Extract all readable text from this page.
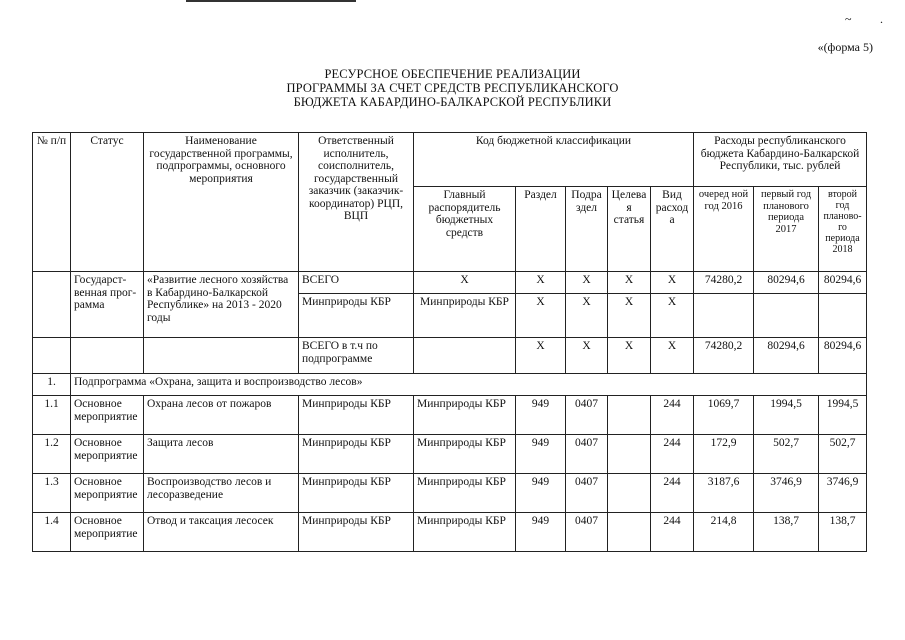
~ .
«(форма 5)
РЕСУРСНОЕ ОБЕСПЕЧЕНИЕ РЕАЛИЗАЦИИ
ПРОГРАММЫ ЗА СЧЕТ СРЕДСТВ РЕСПУБЛИКАНСКОГО
БЮДЖЕТА КАБАРДИНО-БАЛКАРСКОЙ РЕСПУБЛИКИ
№ п/п	Статус	Наименование государственной программы, подпрограммы, основного мероприятия	Ответственный исполнитель, соисполнитель, государственный заказчик (заказчик-координатор) РЦП, ВЦП	Код бюджетной классификации					Расходы республиканского бюджета Кабардино-Балкарской Республики, тыс. рублей		
				Главный распорядитель бюджетных средств	Раздел	Подра здел	Целева я статья	Вид расход а	очеред ной год 2016	первый год планового периода 2017	второй год планово-го периода 2018
	Государст-венная прог-рамма	«Развитие лесного хозяйства в Кабардино-Балкарской Республике» на 2013 - 2020 годы	ВСЕГО	X	X	X	X	X	74280,2	80294,6	80294,6
			Минприроды КБР	Минприроды КБР	X	X	X	X			
			ВСЕГО в т.ч по подпрограмме		X	X	X	X	74280,2	80294,6	80294,6
1.	Подпрограмма «Охрана, защита и воспроизводство лесов»										
1.1	Основное мероприятие	Охрана лесов от пожаров	Минприроды КБР	Минприроды КБР	949	0407		244	1069,7	1994,5	1994,5
1.2	Основное мероприятие	Защита лесов	Минприроды КБР	Минприроды КБР	949	0407		244	172,9	502,7	502,7
1.3	Основное мероприятие	Воспроизводство лесов и лесоразведение	Минприроды КБР	Минприроды КБР	949	0407		244	3187,6	3746,9	3746,9
1.4	Основное мероприятие	Отвод и таксация лесосек	Минприроды КБР	Минприроды КБР	949	0407		244	214,8	138,7	138,7
